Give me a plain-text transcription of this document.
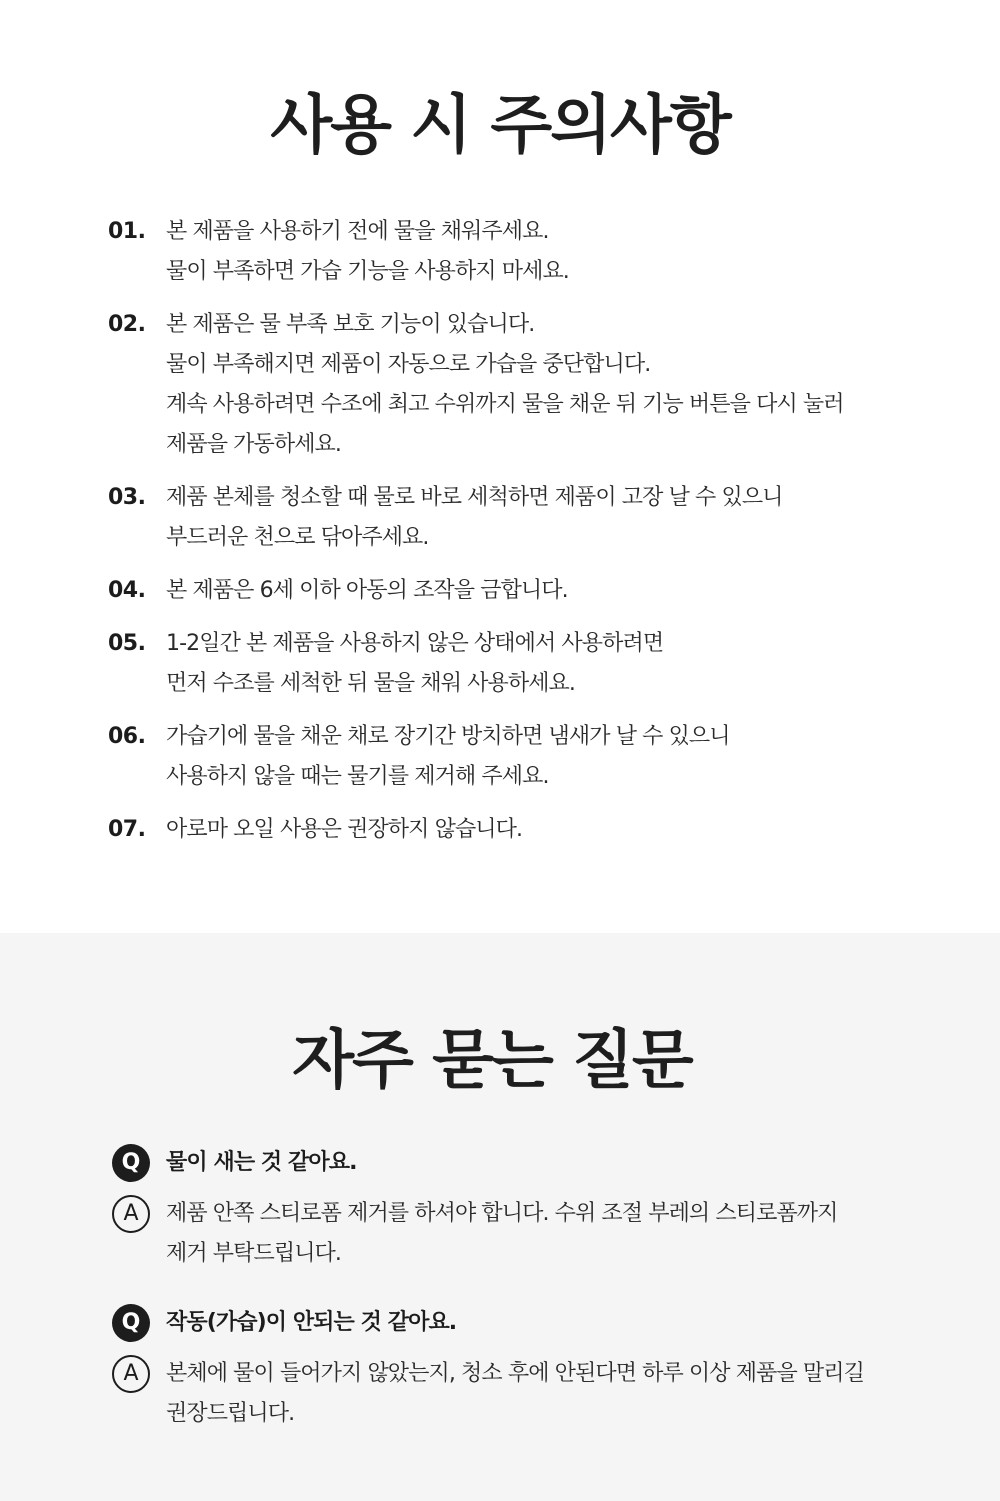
사용 시 주의사항
01. 본 제품을 사용하기 전에 물을 채워주세요.
물이 부족하면 가습 기능을 사용하지 마세요.
02. 본 제품은 물 부족 보호 기능이 있습니다.
물이 부족해지면 제품이 자동으로 가습을 중단합니다.
계속 사용하려면 수조에 최고 수위까지 물을 채운 뒤 기능 버튼을 다시 눌러
제품을 가동하세요.
03. 제품 본체를 청소할 때 물로 바로 세척하면 제품이 고장 날 수 있으니
부드러운 천으로 닦아주세요.
04. 본 제품은 6세 이하 아동의 조작을 금합니다.
05. 1-2일간 본 제품을 사용하지 않은 상태에서 사용하려면
먼저 수조를 세척한 뒤 물을 채워 사용하세요.
06. 가습기에 물을 채운 채로 장기간 방치하면 냄새가 날 수 있으니
사용하지 않을 때는 물기를 제거해 주세요.
07. 아로마 오일 사용은 권장하지 않습니다.
자주 묻는 질문
Q	물이 새는 것 같아요.
A	제품 안쪽 스티로폼 제거를 하셔야 합니다. 수위 조절 부레의 스티로폼까지
제거 부탁드립니다.
Q	작동(가습)이 안되는 것 같아요.
A	본체에 물이 들어가지 않았는지, 청소 후에 안된다면 하루 이상 제품을 말리길
권장드립니다.
